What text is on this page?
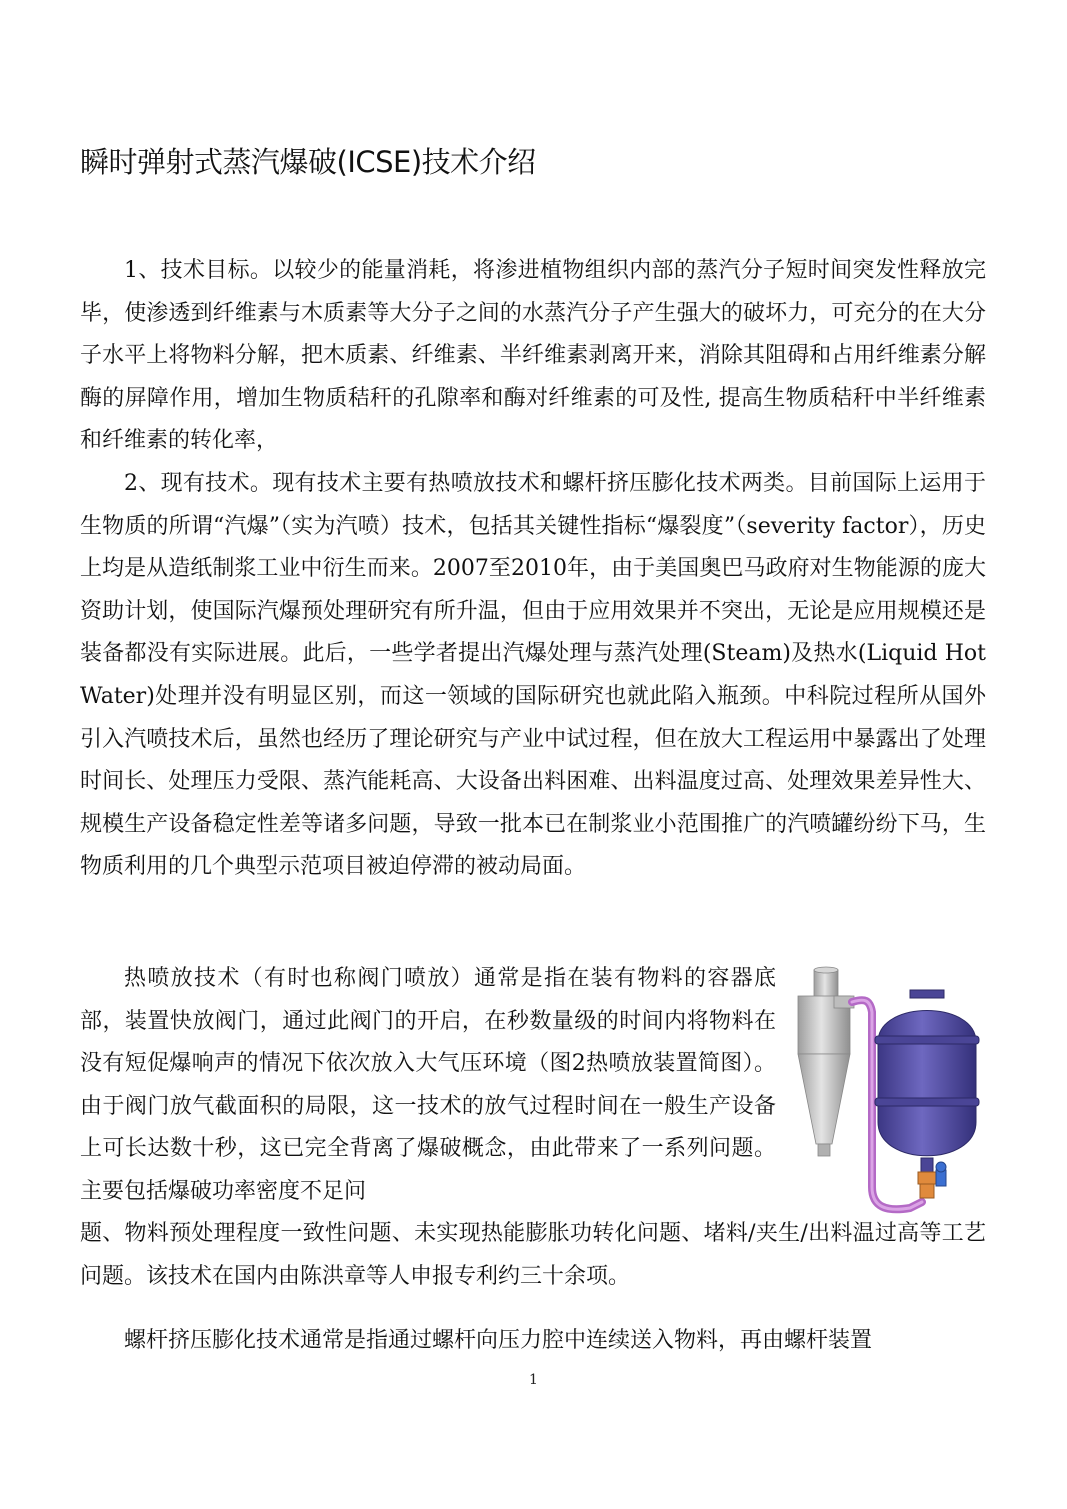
瞬时弹射式蒸汽爆破(ICSE)技术介绍

1、技术目标。以较少的能量消耗，将渗进植物组织内部的蒸汽分子短时间突发性释放完毕，使渗透到纤维素与木质素等大分子之间的水蒸汽分子产生强大的破坏力，可充分的在大分子水平上将物料分解，把木质素、纤维素、半纤维素剥离开来，消除其阻碍和占用纤维素分解酶的屏障作用，增加生物质秸秆的孔隙率和酶对纤维素的可及性, 提高生物质秸秆中半纤维素和纤维素的转化率，

2、现有技术。现有技术主要有热喷放技术和螺杆挤压膨化技术两类。目前国际上运用于生物质的所谓“汽爆”（实为汽喷）技术，包括其关键性指标“爆裂度”（severity factor），历史上均是从造纸制浆工业中衍生而来。2007至2010年，由于美国奥巴马政府对生物能源的庞大资助计划，使国际汽爆预处理研究有所升温，但由于应用效果并不突出，无论是应用规模还是装备都没有实际进展。此后，一些学者提出汽爆处理与蒸汽处理(Steam)及热水(Liquid Hot Water)处理并没有明显区别，而这一领域的国际研究也就此陷入瓶颈。中科院过程所从国外引入汽喷技术后，虽然也经历了理论研究与产业中试过程，但在放大工程运用中暴露出了处理时间长、处理压力受限、蒸汽能耗高、大设备出料困难、出料温度过高、处理效果差异性大、规模生产设备稳定性差等诸多问题，导致一批本已在制浆业小范围推广的汽喷罐纷纷下马，生物质利用的几个典型示范项目被迫停滞的被动局面。

热喷放技术（有时也称阀门喷放）通常是指在装有物料的容器底部，装置快放阀门，通过此阀门的开启，在秒数量级的时间内将物料在没有短促爆响声的情况下依次放入大气压环境（图2热喷放装置简图）。由于阀门放气截面积的局限，这一技术的放气过程时间在一般生产设备上可长达数十秒，这已完全背离了爆破概念，由此带来了一系列问题。主要包括爆破功率密度不足问

题、物料预处理程度一致性问题、未实现热能膨胀功转化问题、堵料/夹生/出料温过高等工艺问题。该技术在国内由陈洪章等人申报专利约三十余项。

螺杆挤压膨化技术通常是指通过螺杆向压力腔中连续送入物料，再由螺杆装置

1
